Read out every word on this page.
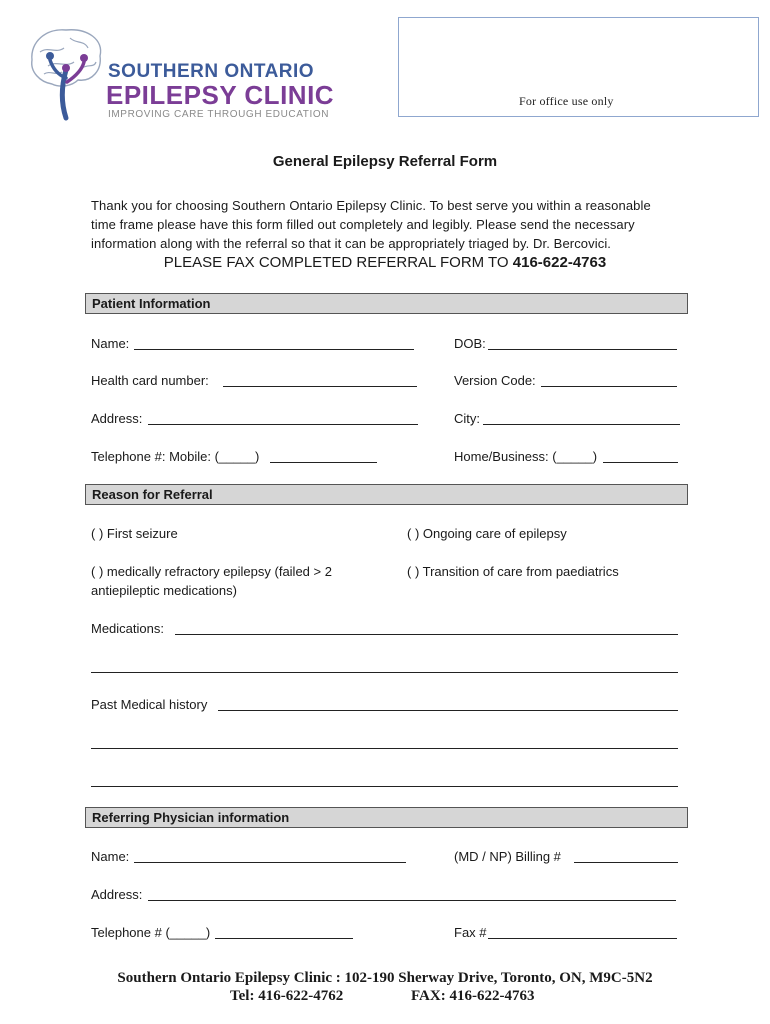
SOUTHERN ONTARIO
EPILEPSY CLINIC
IMPROVING CARE THROUGH EDUCATION
For office use only
General Epilepsy Referral Form
Thank you for choosing Southern Ontario Epilepsy Clinic. To best serve you within a reasonable
time frame please have this form filled out completely and legibly. Please send the necessary
information along with the referral so that it can be appropriately triaged by. Dr. Bercovici.
PLEASE FAX COMPLETED REFERRAL FORM TO 416-622-4763
Patient Information
Name:	DOB:
Health card number:	Version Code:
Address:	City:
Telephone #: Mobile: (_____)	Home/Business: (_____)
Reason for Referral
( ) First seizure	( ) Ongoing care of epilepsy
( ) medically refractory epilepsy (failed > 2
antiepileptic medications)
( ) Transition of care from paediatrics
Medications:
Past Medical history
Referring Physician information
Name:	(MD / NP) Billing #
Address:
Telephone # (_____)	Fax #
Southern Ontario Epilepsy Clinic : 102-190 Sherway Drive, Toronto, ON, M9C-5N2
Tel: 416-622-4762	FAX: 416-622-4763
